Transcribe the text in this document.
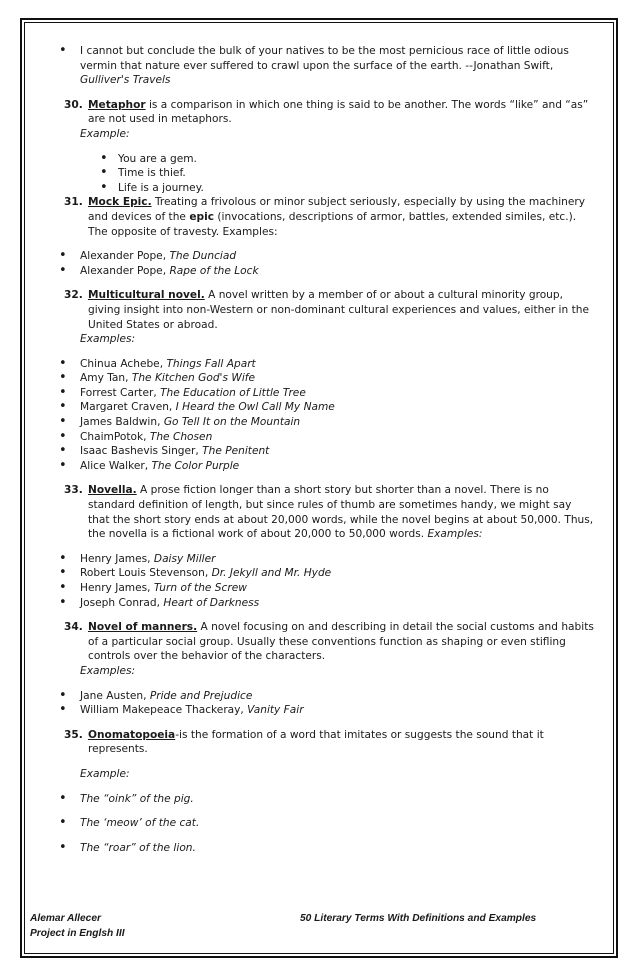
• I cannot but conclude the bulk of your natives to be the most pernicious race of little odious vermin that nature ever suffered to crawl upon the surface of the earth. --Jonathan Swift, Gulliver's Travels
30. Metaphor is a comparison in which one thing is said to be another. The words “like” and “as” are not used in metaphors.
Example:
• You are a gem.
• Time is thief.
• Life is a journey.
31. Mock Epic. Treating a frivolous or minor subject seriously, especially by using the machinery and devices of the epic (invocations, descriptions of armor, battles, extended similes, etc.). The opposite of travesty. Examples:
• Alexander Pope, The Dunciad
• Alexander Pope, Rape of the Lock
32. Multicultural novel. A novel written by a member of or about a cultural minority group, giving insight into non-Western or non-dominant cultural experiences and values, either in the United States or abroad.
Examples:
• Chinua Achebe, Things Fall Apart
• Amy Tan, The Kitchen God's Wife
• Forrest Carter, The Education of Little Tree
• Margaret Craven, I Heard the Owl Call My Name
• James Baldwin, Go Tell It on the Mountain
• ChaimPotok, The Chosen
• Isaac Bashevis Singer, The Penitent
• Alice Walker, The Color Purple
33. Novella. A prose fiction longer than a short story but shorter than a novel. There is no standard definition of length, but since rules of thumb are sometimes handy, we might say that the short story ends at about 20,000 words, while the novel begins at about 50,000. Thus, the novella is a fictional work of about 20,000 to 50,000 words. Examples:
• Henry James, Daisy Miller
• Robert Louis Stevenson, Dr. Jekyll and Mr. Hyde
• Henry James, Turn of the Screw
• Joseph Conrad, Heart of Darkness
34. Novel of manners. A novel focusing on and describing in detail the social customs and habits of a particular social group. Usually these conventions function as shaping or even stifling controls over the behavior of the characters.
Examples:
• Jane Austen, Pride and Prejudice
• William Makepeace Thackeray, Vanity Fair
35. Onomatopoeia-is the formation of a word that imitates or suggests the sound that it represents.
Example:
• The “oink” of the pig.
• The ‘meow’ of the cat.
• The “roar” of the lion.
Alemar Allecer
Project in Englsh III
50 Literary Terms With Definitions and Examples
